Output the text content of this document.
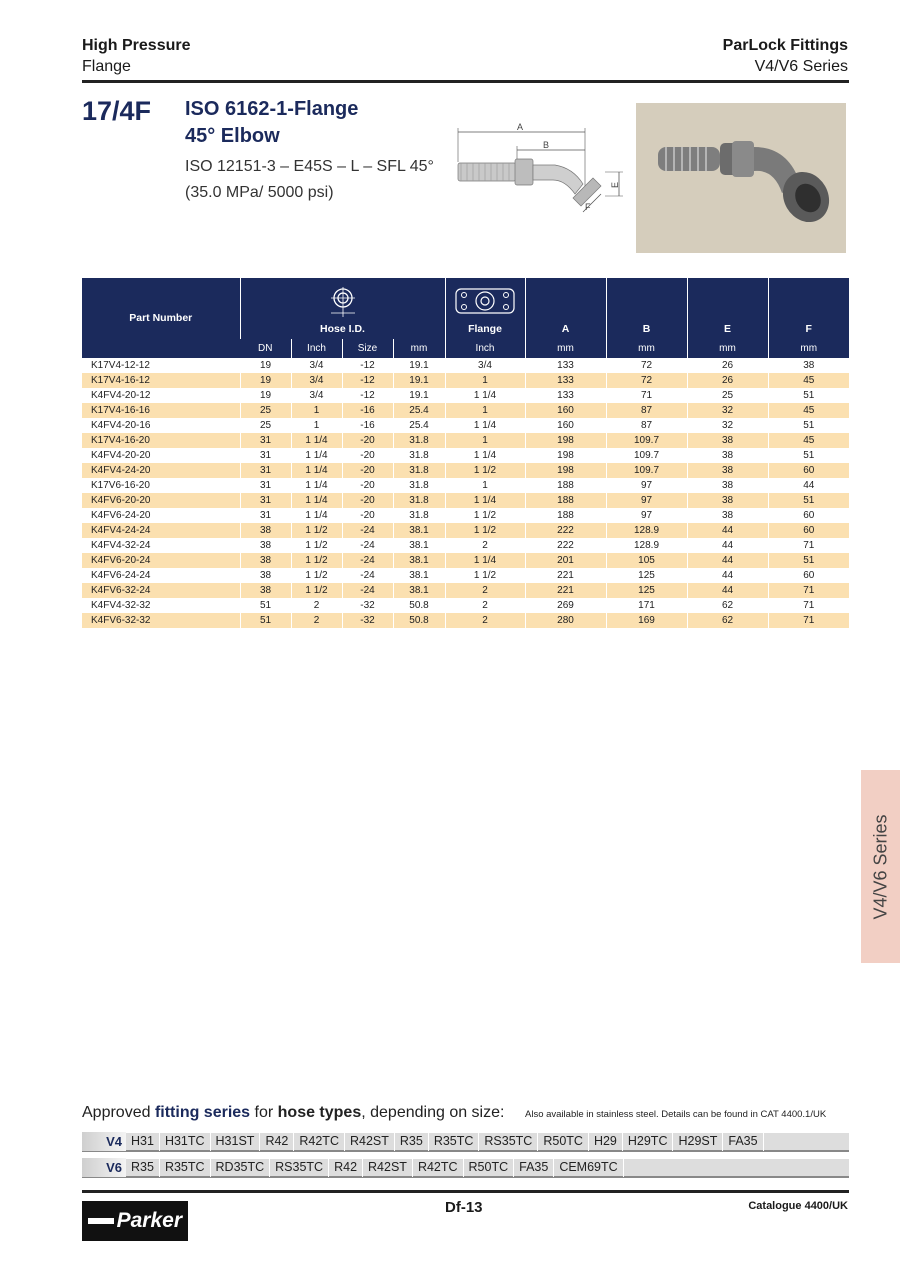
High Pressure
Flange
ParLock Fittings
V4/V6 Series
17/4F ISO 6162-1-Flange
45° Elbow
ISO 12151-3 – E45S – L – SFL 45°
(35.0 MPa/ 5000 psi)
A
B
E
F
Part Number	Hose I.D.				Flange	A	B	E	F
	DN	Inch	Size	mm	Inch	mm	mm	mm	mm
K17V4-12-12	19	3/4	-12	19.1	3/4	133	72	26	38
K17V4-16-12	19	3/4	-12	19.1	1	133	72	26	45
K4FV4-20-12	19	3/4	-12	19.1	1 1/4	133	71	25	51
K17V4-16-16	25	1	-16	25.4	1	160	87	32	45
K4FV4-20-16	25	1	-16	25.4	1 1/4	160	87	32	51
K17V4-16-20	31	1 1/4	-20	31.8	1	198	109.7	38	45
K4FV4-20-20	31	1 1/4	-20	31.8	1 1/4	198	109.7	38	51
K4FV4-24-20	31	1 1/4	-20	31.8	1 1/2	198	109.7	38	60
K17V6-16-20	31	1 1/4	-20	31.8	1	188	97	38	44
K4FV6-20-20	31	1 1/4	-20	31.8	1 1/4	188	97	38	51
K4FV6-24-20	31	1 1/4	-20	31.8	1 1/2	188	97	38	60
K4FV4-24-24	38	1 1/2	-24	38.1	1 1/2	222	128.9	44	60
K4FV4-32-24	38	1 1/2	-24	38.1	2	222	128.9	44	71
K4FV6-20-24	38	1 1/2	-24	38.1	1 1/4	201	105	44	51
K4FV6-24-24	38	1 1/2	-24	38.1	1 1/2	221	125	44	60
K4FV6-32-24	38	1 1/2	-24	38.1	2	221	125	44	71
K4FV4-32-32	51	2	-32	50.8	2	269	171	62	71
K4FV6-32-32	51	2	-32	50.8	2	280	169	62	71
V4/V6 Series
Approved fitting series for hose types, depending on size: Also available in stainless steel. Details can be found in CAT 4400.1/UK
V4 H31 H31TC H31ST R42 R42TC R42ST R35 R35TC RS35TC R50TC H29 H29TC H29ST FA35
V6 R35 R35TC RD35TC RS35TC R42 R42ST R42TC R50TC FA35 CEM69TC
Parker
Df-13	Catalogue 4400/UK
